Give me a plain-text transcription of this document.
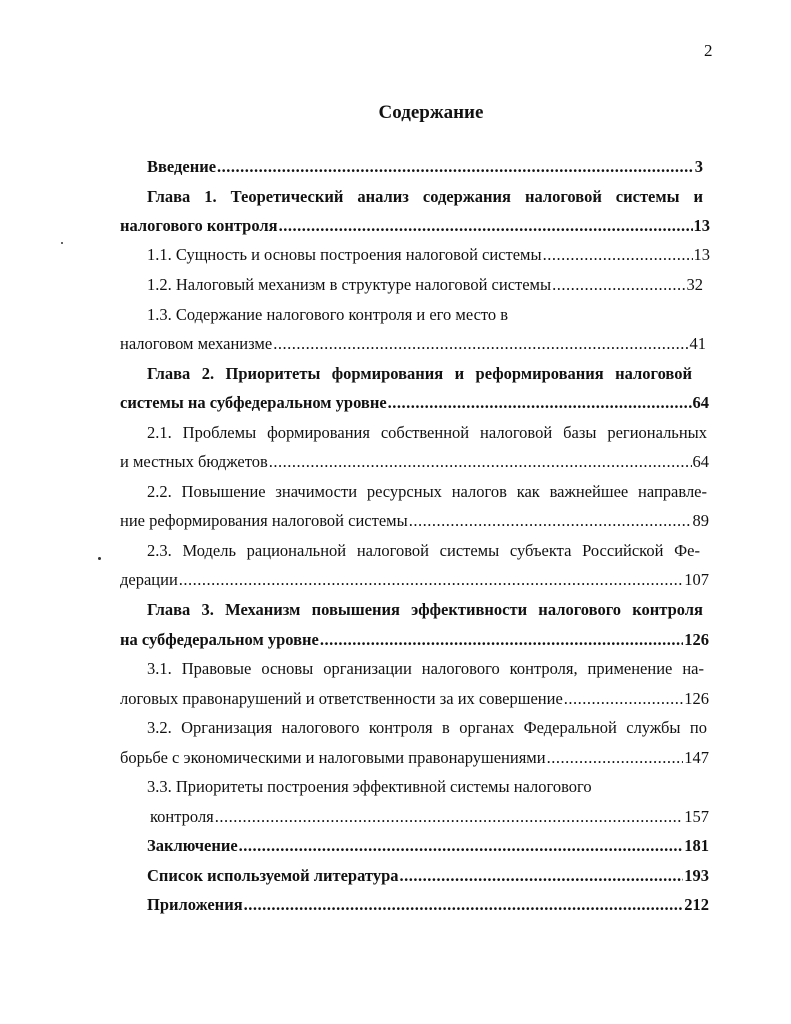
2
Содержание
Введение .....	3
Глава 1. Теоретический анализ содержания налоговой системы и
налогового контроля .....	13
1.1. Сущность и основы построения налоговой системы .....	13
1.2. Налоговый механизм в структуре налоговой системы .....	32
1.3. Содержание налогового контроля и его место в
налоговом механизме .....	41
Глава 2. Приоритеты формирования и реформирования налоговой
системы на субфедеральном уровне .....	64
2.1. Проблемы формирования собственной налоговой базы региональных
и местных бюджетов .....	64
2.2. Повышение значимости ресурсных налогов как важнейшее направле-
ние реформирования налоговой системы .....	89
2.3. Модель рациональной налоговой системы субъекта Российской Фе-
дерации .....	107
Глава 3. Механизм повышения эффективности налогового контроля
на субфедеральном уровне .....	126
3.1. Правовые основы организации налогового контроля, применение на-
логовых правонарушений и ответственности за их совершение .....	126
3.2. Организация налогового контроля в органах Федеральной службы по
борьбе с экономическими и налоговыми правонарушениями .....	147
3.3. Приоритеты построения эффективной системы налогового
контроля .....	157
Заключение .....	181
Список используемой литература .....	193
Приложения .....	212
